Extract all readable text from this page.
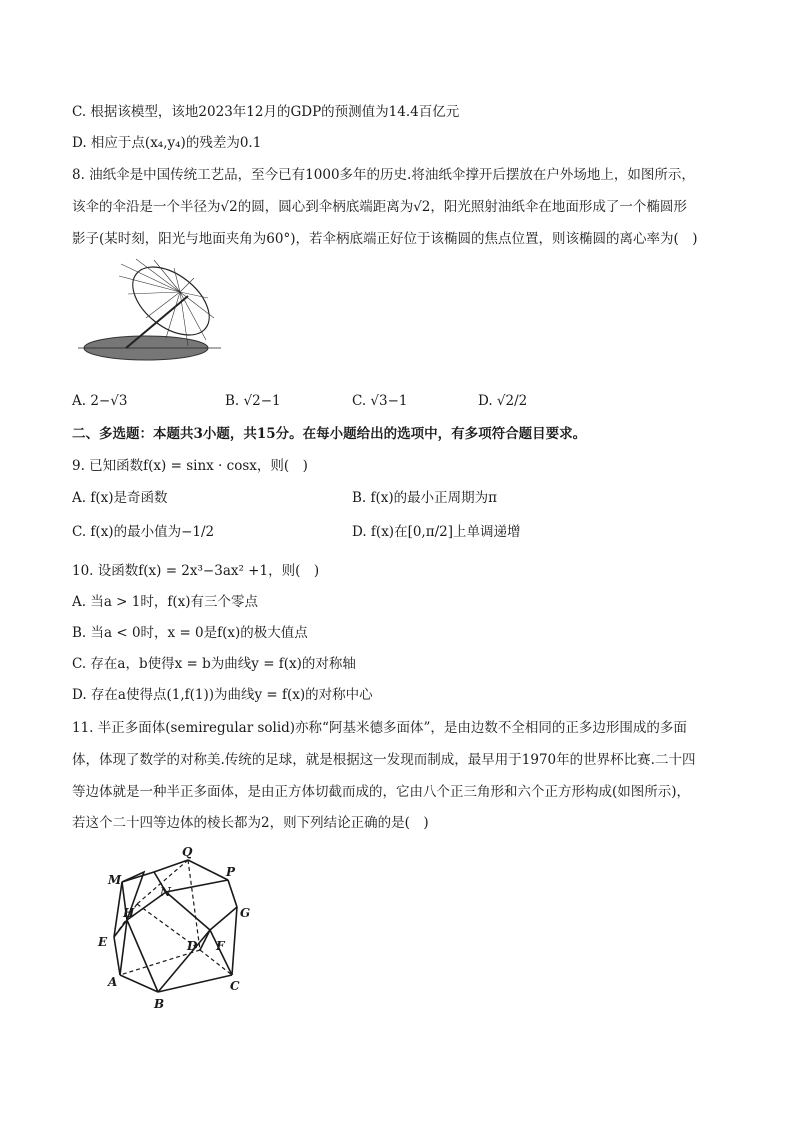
C. 根据该模型，该地2023年12月的GDP的预测值为14.4百亿元
D. 相应于点(x₄,y₄)的残差为0.1
8. 油纸伞是中国传统工艺品，至今已有1000多年的历史.将油纸伞撑开后摆放在户外场地上，如图所示，
该伞的伞沿是一个半径为√2的圆，圆心到伞柄底端距离为√2，阳光照射油纸伞在地面形成了一个椭圆形
影子(某时刻，阳光与地面夹角为60°)，若伞柄底端正好位于该椭圆的焦点位置，则该椭圆的离心率为(　)
A. 2−√3	B. √2−1	C. √3−1	D. √2/2
二、多选题：本题共3小题，共15分。在每小题给出的选项中，有多项符合题目要求。
9. 已知函数f(x) = sinx · cosx，则(　)
A. f(x)是奇函数	B. f(x)的最小正周期为π
C. f(x)的最小值为−1/2	D. f(x)在[0,π/2]上单调递增
10. 设函数f(x) = 2x³−3ax² +1，则(　)
A. 当a > 1时，f(x)有三个零点
B. 当a < 0时，x = 0是f(x)的极大值点
C. 存在a，b使得x = b为曲线y = f(x)的对称轴
D. 存在a使得点(1,f(1))为曲线y = f(x)的对称中心
11. 半正多面体(semiregular solid)亦称“阿基米德多面体”，是由边数不全相同的正多边形围成的多面
体，体现了数学的对称美.传统的足球，就是根据这一发现而制成，最早用于1970年的世界杯比赛.二十四
等边体就是一种半正多面体，是由正方体切截而成的，它由八个正三角形和六个正方形构成(如图所示)，
若这个二十四等边体的棱长都为2，则下列结论正确的是(　)
Q
P
M
N
H	G
D
E	F
A
B
C
